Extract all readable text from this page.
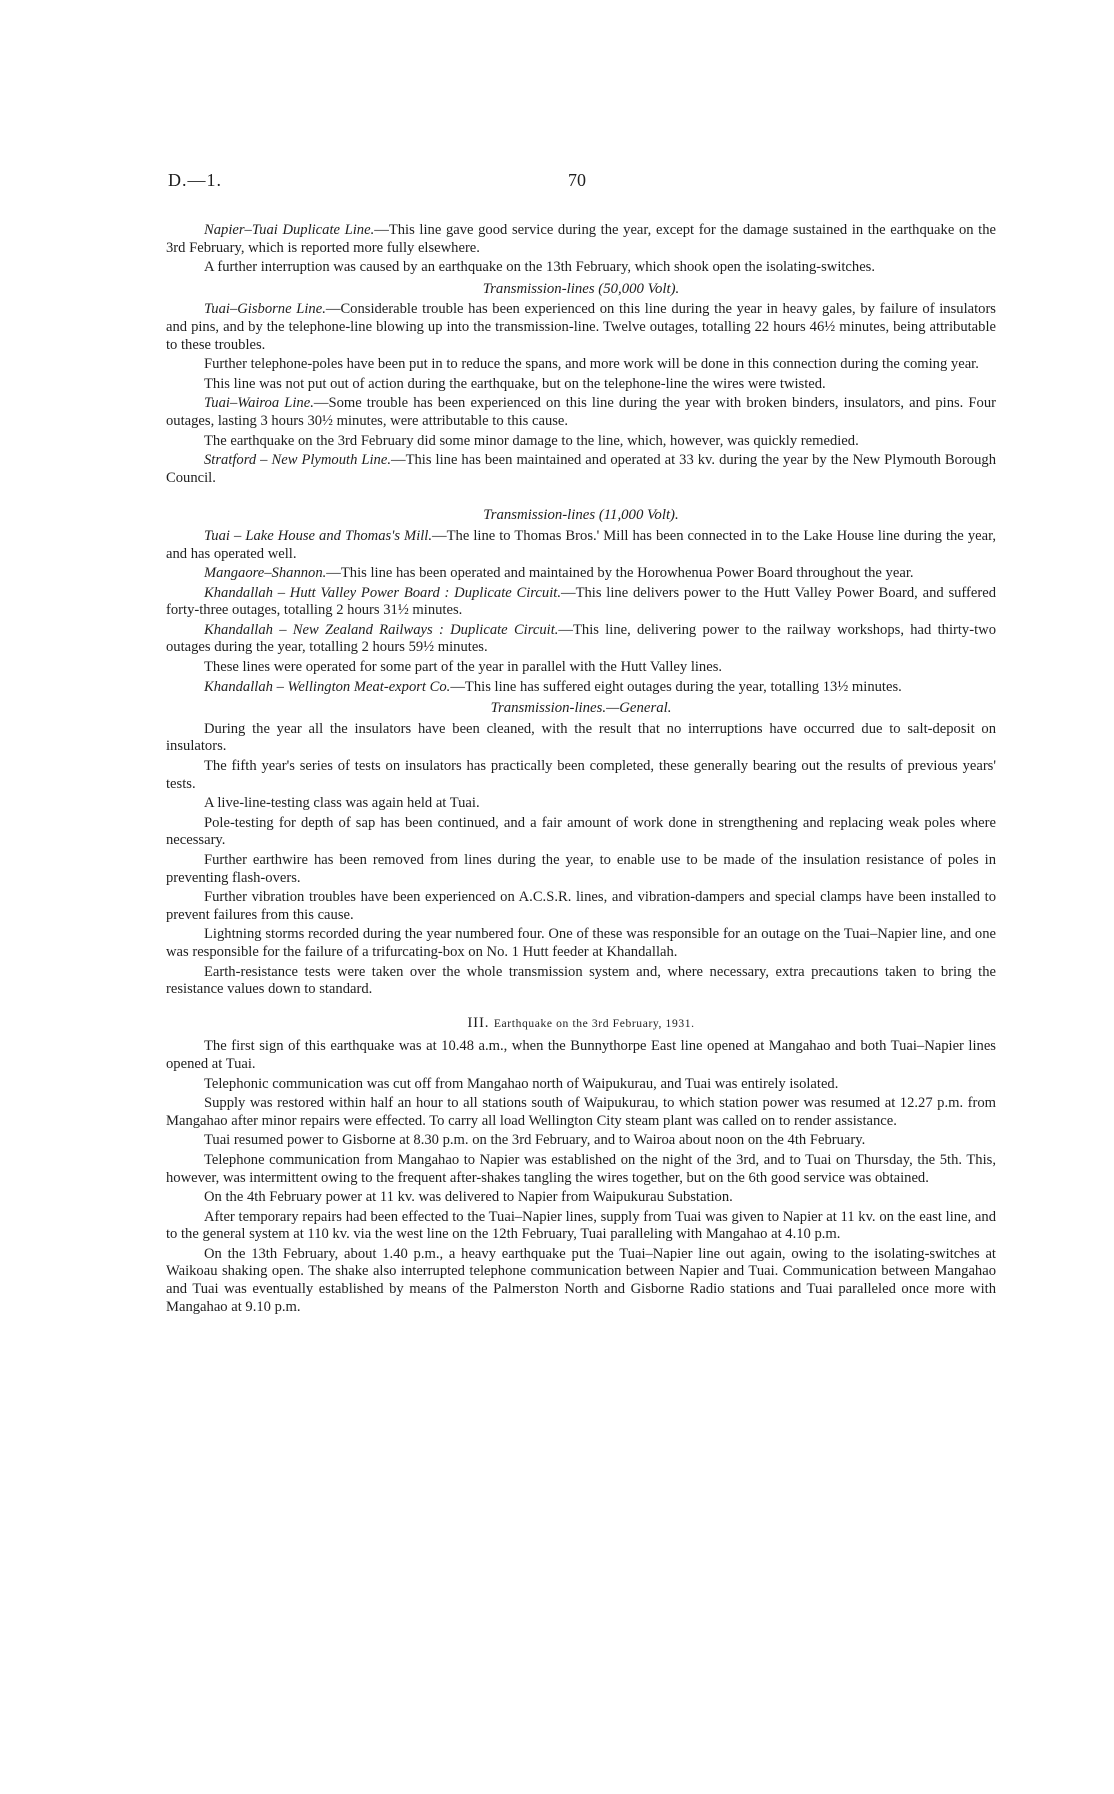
D.—1.	70

Napier–Tuai Duplicate Line.—This line gave good service during the year, except for the damage sustained in the earthquake on the 3rd February, which is reported more fully elsewhere.

A further interruption was caused by an earthquake on the 13th February, which shook open the isolating-switches.

Transmission-lines (50,000 Volt).

Tuai–Gisborne Line.—Considerable trouble has been experienced on this line during the year in heavy gales, by failure of insulators and pins, and by the telephone-line blowing up into the transmission-line. Twelve outages, totalling 22 hours 46½ minutes, being attributable to these troubles.

Further telephone-poles have been put in to reduce the spans, and more work will be done in this connection during the coming year.

This line was not put out of action during the earthquake, but on the telephone-line the wires were twisted.

Tuai–Wairoa Line.—Some trouble has been experienced on this line during the year with broken binders, insulators, and pins. Four outages, lasting 3 hours 30½ minutes, were attributable to this cause.

The earthquake on the 3rd February did some minor damage to the line, which, however, was quickly remedied.

Stratford – New Plymouth Line.—This line has been maintained and operated at 33 kv. during the year by the New Plymouth Borough Council.

Transmission-lines (11,000 Volt).

Tuai – Lake House and Thomas's Mill.—The line to Thomas Bros.' Mill has been connected in to the Lake House line during the year, and has operated well.

Mangaore–Shannon.—This line has been operated and maintained by the Horowhenua Power Board throughout the year.

Khandallah – Hutt Valley Power Board : Duplicate Circuit.—This line delivers power to the Hutt Valley Power Board, and suffered forty-three outages, totalling 2 hours 31½ minutes.

Khandallah – New Zealand Railways : Duplicate Circuit.—This line, delivering power to the railway workshops, had thirty-two outages during the year, totalling 2 hours 59½ minutes.

These lines were operated for some part of the year in parallel with the Hutt Valley lines.

Khandallah – Wellington Meat-export Co.—This line has suffered eight outages during the year, totalling 13½ minutes.

Transmission-lines.—General.

During the year all the insulators have been cleaned, with the result that no interruptions have occurred due to salt-deposit on insulators.

The fifth year's series of tests on insulators has practically been completed, these generally bearing out the results of previous years' tests.

A live-line-testing class was again held at Tuai.

Pole-testing for depth of sap has been continued, and a fair amount of work done in strengthening and replacing weak poles where necessary.

Further earthwire has been removed from lines during the year, to enable use to be made of the insulation resistance of poles in preventing flash-overs.

Further vibration troubles have been experienced on A.C.S.R. lines, and vibration-dampers and special clamps have been installed to prevent failures from this cause.

Lightning storms recorded during the year numbered four. One of these was responsible for an outage on the Tuai–Napier line, and one was responsible for the failure of a trifurcating-box on No. 1 Hutt feeder at Khandallah.

Earth-resistance tests were taken over the whole transmission system and, where necessary, extra precautions taken to bring the resistance values down to standard.

III. Earthquake on the 3rd February, 1931.

The first sign of this earthquake was at 10.48 a.m., when the Bunnythorpe East line opened at Mangahao and both Tuai–Napier lines opened at Tuai.

Telephonic communication was cut off from Mangahao north of Waipukurau, and Tuai was entirely isolated.

Supply was restored within half an hour to all stations south of Waipukurau, to which station power was resumed at 12.27 p.m. from Mangahao after minor repairs were effected. To carry all load Wellington City steam plant was called on to render assistance.

Tuai resumed power to Gisborne at 8.30 p.m. on the 3rd February, and to Wairoa about noon on the 4th February.

Telephone communication from Mangahao to Napier was established on the night of the 3rd, and to Tuai on Thursday, the 5th. This, however, was intermittent owing to the frequent after-shakes tangling the wires together, but on the 6th good service was obtained.

On the 4th February power at 11 kv. was delivered to Napier from Waipukurau Substation.

After temporary repairs had been effected to the Tuai–Napier lines, supply from Tuai was given to Napier at 11 kv. on the east line, and to the general system at 110 kv. via the west line on the 12th February, Tuai paralleling with Mangahao at 4.10 p.m.

On the 13th February, about 1.40 p.m., a heavy earthquake put the Tuai–Napier line out again, owing to the isolating-switches at Waikoau shaking open. The shake also interrupted telephone communication between Napier and Tuai. Communication between Mangahao and Tuai was eventually established by means of the Palmerston North and Gisborne Radio stations and Tuai paralleled once more with Mangahao at 9.10 p.m.
